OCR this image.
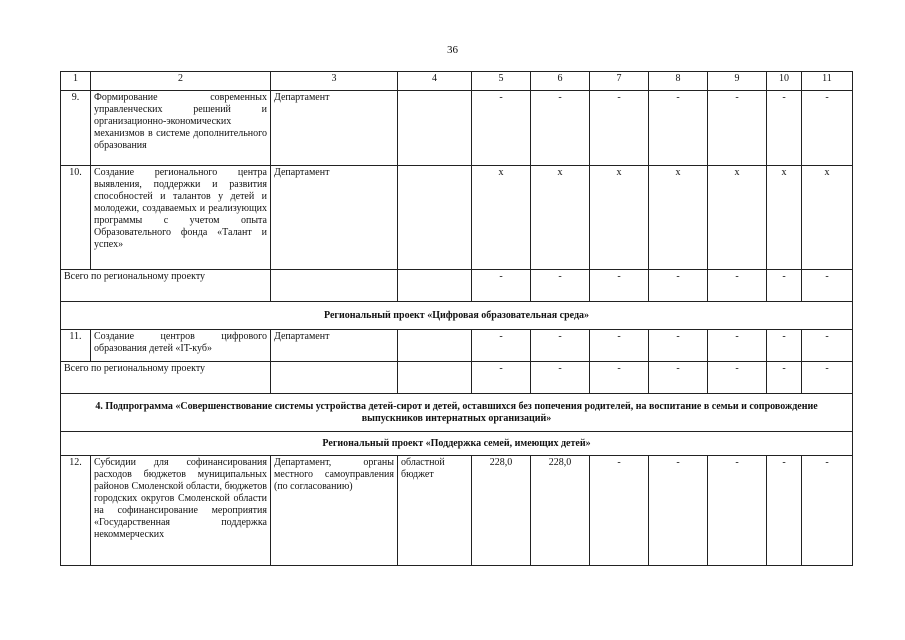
36
1	2	3	4	5	6	7	8	9	10	11
9.	Формирование современных управленческих решений и организационно-экономических механизмов в системе дополнительного образования	Департамент		-	-	-	-	-	-	-
10.	Создание регионального центра выявления, поддержки и развития способностей и талантов у детей и молодежи, создаваемых и реализующих программы с учетом опыта Образовательного фонда «Талант и успех»	Департамент		х	х	х	х	х	х	х
Всего по региональному проекту				-	-	-	-	-	-	-
Региональный проект «Цифровая образовательная среда»										
11.	Создание центров цифрового образования детей «IT-куб»	Департамент		-	-	-	-	-	-	-
Всего по региональному проекту				-	-	-	-	-	-	-
4. Подпрограмма «Совершенствование системы устройства детей-сирот и детей, оставшихся без попечения родителей, на воспитание в семьи и сопровождение выпускников интернатных организаций»										
Региональный проект «Поддержка семей, имеющих детей»										
12.	Субсидии для софинансирования расходов бюджетов муниципальных районов Смоленской области, бюджетов городских округов Смоленской области на софинансирование мероприятия «Государственная поддержка некоммерческих	Департамент, органы местного самоуправления (по согласованию)	областной бюджет	228,0	228,0	-	-	-	-	-
